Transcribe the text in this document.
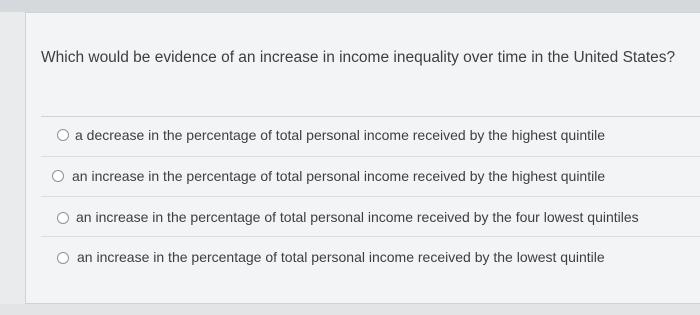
Which would be evidence of an increase in income inequality over time in the United States?
a decrease in the percentage of total personal income received by the highest quintile
an increase in the percentage of total personal income received by the highest quintile
an increase in the percentage of total personal income received by the four lowest quintiles
an increase in the percentage of total personal income received by the lowest quintile
